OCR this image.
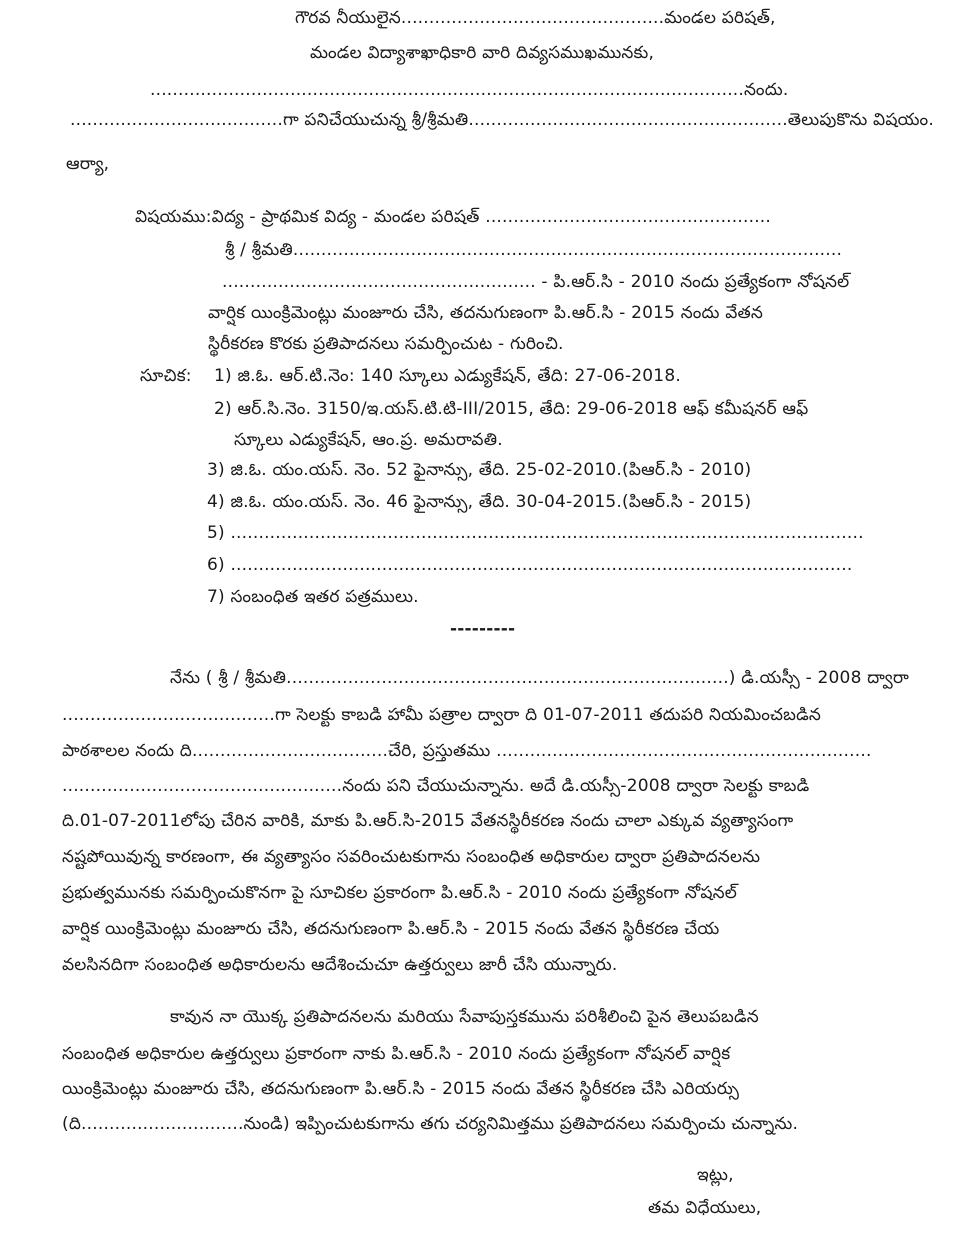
గౌరవ నీయులైన...............................................మండల పరిషత్,
మండల విద్యాశాఖాధికారి వారి దివ్యసముఖమునకు,
..........................................................................................................నందు.
......................................గా పనిచేయుచున్న శ్రీ/శ్రీమతి.........................................................తెలుపుకొను విషయం.
ఆర్యా,
విషయము:విద్య - ప్రాథమిక విద్య - మండల పరిషత్ ...................................................
శ్రీ / శ్రీమతి..................................................................................................
........................................................ - పి.ఆర్.సి - 2010 నందు ప్రత్యేకంగా నోషనల్
వార్షిక యింక్రిమెంట్లు మంజూరు చేసి, తదనుగుణంగా పి.ఆర్.సి - 2015 నందు వేతన
స్థిరీకరణ కొరకు ప్రతిపాదనలు సమర్పించుట - గురించి.
సూచిక: 1) జి.ఓ. ఆర్.టి.నెం: 140 స్కూలు ఎడ్యుకేషన్, తేది: 27-06-2018.
2) ఆర్.సి.నెం. 3150/ఇ.యస్.టి.టి-III/2015, తేది: 29-06-2018 ఆఫ్ కమీషనర్ ఆఫ్
స్కూలు ఎడ్యుకేషన్, ఆం.ప్ర. అమరావతి.
3) జి.ఓ. యం.యస్. నెం. 52 ఫైనాన్సు, తేది. 25-02-2010.(పిఆర్.సి - 2010)
4) జి.ఓ. యం.యస్. నెం. 46 ఫైనాన్సు, తేది. 30-04-2015.(పిఆర్.సి - 2015)
5) .................................................................................................................
6) ...............................................................................................................
7) సంబంధిత ఇతర పత్రములు.
---------
నేను ( శ్రీ / శ్రీమతి...............................................................................) డి.యస్సీ - 2008 ద్వారా
......................................గా సెలక్టు కాబడి హామీ పత్రాల ద్వారా ది 01-07-2011 తదుపరి నియమించబడిన
పాఠశాలల నందు ది...................................చేరి, ప్రస్తుతము ...................................................................
..................................................నందు పని చేయుచున్నాను. అదే డి.యస్సీ-2008 ద్వారా సెలక్టు కాబడి
ది.01-07-2011లోపు చేరిన వారికి, మాకు పి.ఆర్.సి-2015 వేతనస్థిరీకరణ నందు చాలా ఎక్కువ వ్యత్యాసంగా
నష్టపోయివున్న కారణంగా, ఈ వ్యత్యాసం సవరించుటకుగాను సంబంధిత అధికారుల ద్వారా ప్రతిపాదనలను
ప్రభుత్వమునకు సమర్పించుకొనగా పై సూచికల ప్రకారంగా పి.ఆర్.సి - 2010 నందు ప్రత్యేకంగా నోషనల్
వార్షిక యింక్రిమెంట్లు మంజూరు చేసి, తదనుగుణంగా పి.ఆర్.సి - 2015 నందు వేతన స్థిరీకరణ చేయ
వలసినదిగా సంబంధిత అధికారులను ఆదేశించుచూ ఉత్తర్వులు జారీ చేసి యున్నారు.
కావున నా యొక్క ప్రతిపాదనలను మరియు సేవాపుస్తకమును పరిశీలించి పైన తెలుపబడిన
సంబంధిత అధికారుల ఉత్తర్వులు ప్రకారంగా నాకు పి.ఆర్.సి - 2010 నందు ప్రత్యేకంగా నోషనల్ వార్షిక
యింక్రిమెంట్లు మంజూరు చేసి, తదనుగుణంగా పి.ఆర్.సి - 2015 నందు వేతన స్థిరీకరణ చేసి ఎరియర్సు
(ది.............................నుండి) ఇప్పించుటకుగాను తగు చర్యనిమిత్తము ప్రతిపాదనలు సమర్పించు చున్నాను.
ఇట్లు,
తమ విధేయులు,
